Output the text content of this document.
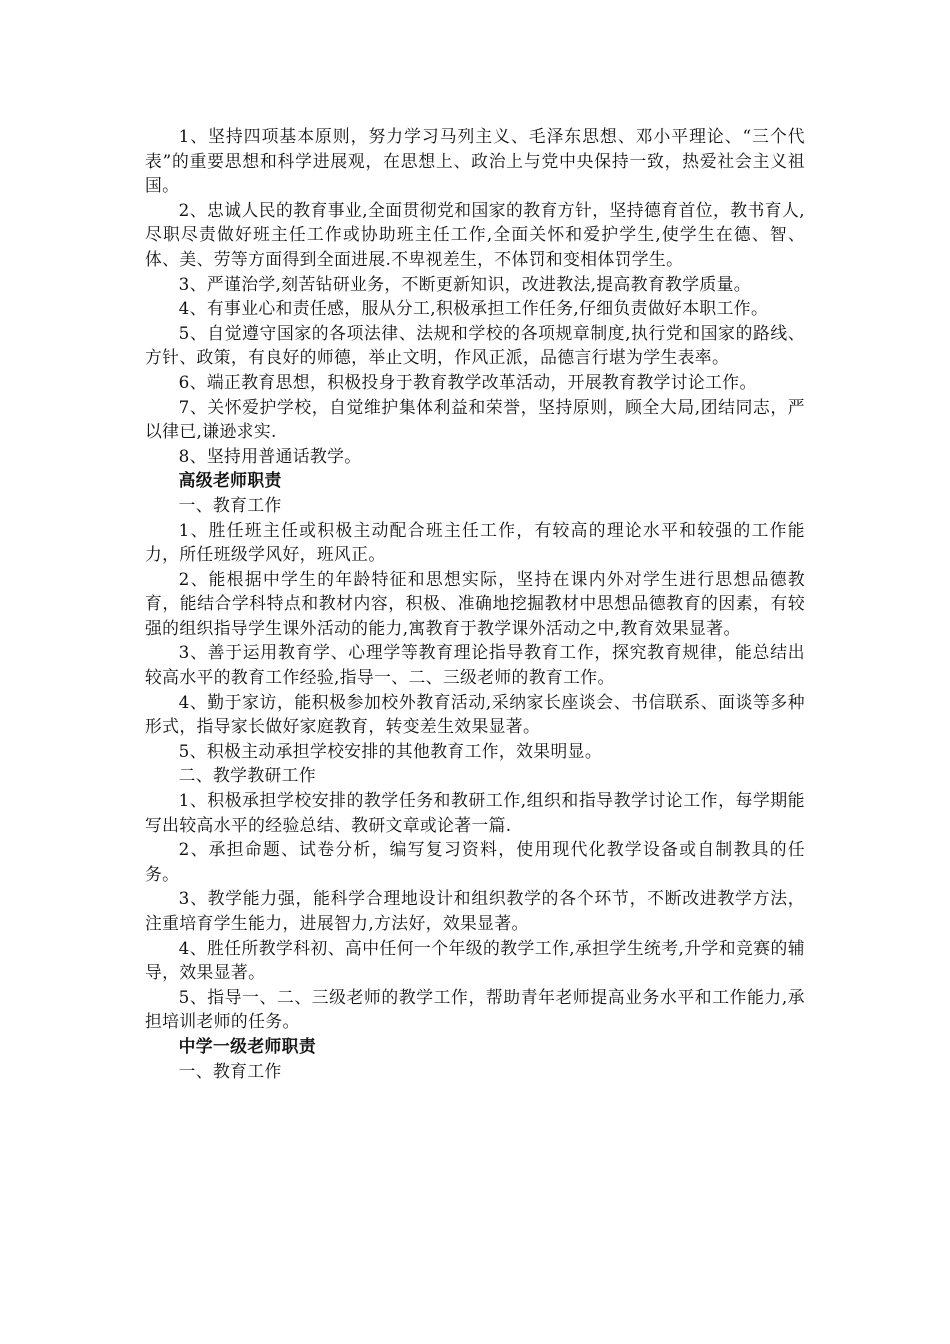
1、坚持四项基本原则，努力学习马列主义、毛泽东思想、邓小平理论、“三个代表”的重要思想和科学进展观，在思想上、政治上与党中央保持一致，热爱社会主义祖国。

2、忠诚人民的教育事业,全面贯彻党和国家的教育方针，坚持德育首位，教书育人,尽职尽责做好班主任工作或协助班主任工作,全面关怀和爱护学生,使学生在德、智、体、美、劳等方面得到全面进展.不卑视差生，不体罚和变相体罚学生。

3、严谨治学,刻苦钻研业务，不断更新知识，改进教法,提高教育教学质量。

4、有事业心和责任感，服从分工,积极承担工作任务,仔细负责做好本职工作。

5、自觉遵守国家的各项法律、法规和学校的各项规章制度,执行党和国家的路线、方针、政策，有良好的师德，举止文明，作风正派，品德言行堪为学生表率。

6、端正教育思想，积极投身于教育教学改革活动，开展教育教学讨论工作。

7、关怀爱护学校，自觉维护集体利益和荣誉，坚持原则，顾全大局,团结同志，严以律已,谦逊求实.

8、坚持用普通话教学。

高级老师职责

一、教育工作

1、胜任班主任或积极主动配合班主任工作，有较高的理论水平和较强的工作能力，所任班级学风好，班风正。

2、能根据中学生的年龄特征和思想实际，坚持在课内外对学生进行思想品德教育，能结合学科特点和教材内容，积极、准确地挖掘教材中思想品德教育的因素，有较强的组织指导学生课外活动的能力,寓教育于教学课外活动之中,教育效果显著。

3、善于运用教育学、心理学等教育理论指导教育工作，探究教育规律，能总结出较高水平的教育工作经验,指导一、二、三级老师的教育工作。

4、勤于家访，能积极参加校外教育活动,采纳家长座谈会、书信联系、面谈等多种形式，指导家长做好家庭教育，转变差生效果显著。

5、积极主动承担学校安排的其他教育工作，效果明显。

二、教学教研工作

1、积极承担学校安排的教学任务和教研工作,组织和指导教学讨论工作，每学期能写出较高水平的经验总结、教研文章或论著一篇.

2、承担命题、试卷分析，编写复习资料，使用现代化教学设备或自制教具的任务。

3、教学能力强，能科学合理地设计和组织教学的各个环节，不断改进教学方法，注重培育学生能力，进展智力,方法好，效果显著。

4、胜任所教学科初、高中任何一个年级的教学工作,承担学生统考,升学和竞赛的辅导，效果显著。

5、指导一、二、三级老师的教学工作，帮助青年老师提高业务水平和工作能力,承担培训老师的任务。

中学一级老师职责

一、教育工作
